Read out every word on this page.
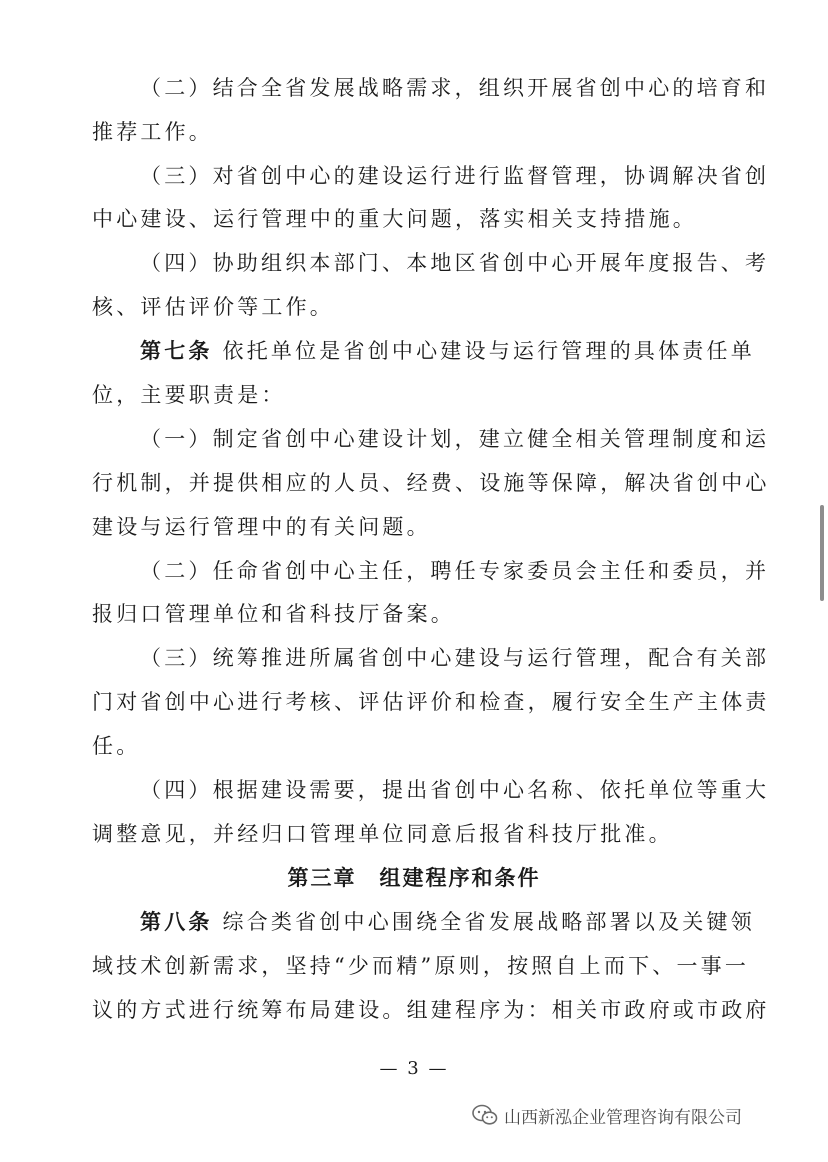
（二）结合全省发展战略需求，组织开展省创中心的培育和
推荐工作。
（三）对省创中心的建设运行进行监督管理，协调解决省创
中心建设、运行管理中的重大问题，落实相关支持措施。
（四）协助组织本部门、本地区省创中心开展年度报告、考
核、评估评价等工作。
第七条 依托单位是省创中心建设与运行管理的具体责任单
位，主要职责是：
（一）制定省创中心建设计划，建立健全相关管理制度和运
行机制，并提供相应的人员、经费、设施等保障，解决省创中心
建设与运行管理中的有关问题。
（二）任命省创中心主任，聘任专家委员会主任和委员，并
报归口管理单位和省科技厅备案。
（三）统筹推进所属省创中心建设与运行管理，配合有关部
门对省创中心进行考核、评估评价和检查，履行安全生产主体责
任。
（四）根据建设需要，提出省创中心名称、依托单位等重大
调整意见，并经归口管理单位同意后报省科技厅批准。
第三章　组建程序和条件
第八条 综合类省创中心围绕全省发展战略部署以及关键领
域技术创新需求，坚持“少而精”原则，按照自上而下、一事一
议的方式进行统筹布局建设。组建程序为：相关市政府或市政府
— 3 —
山西新泓企业管理咨询有限公司
